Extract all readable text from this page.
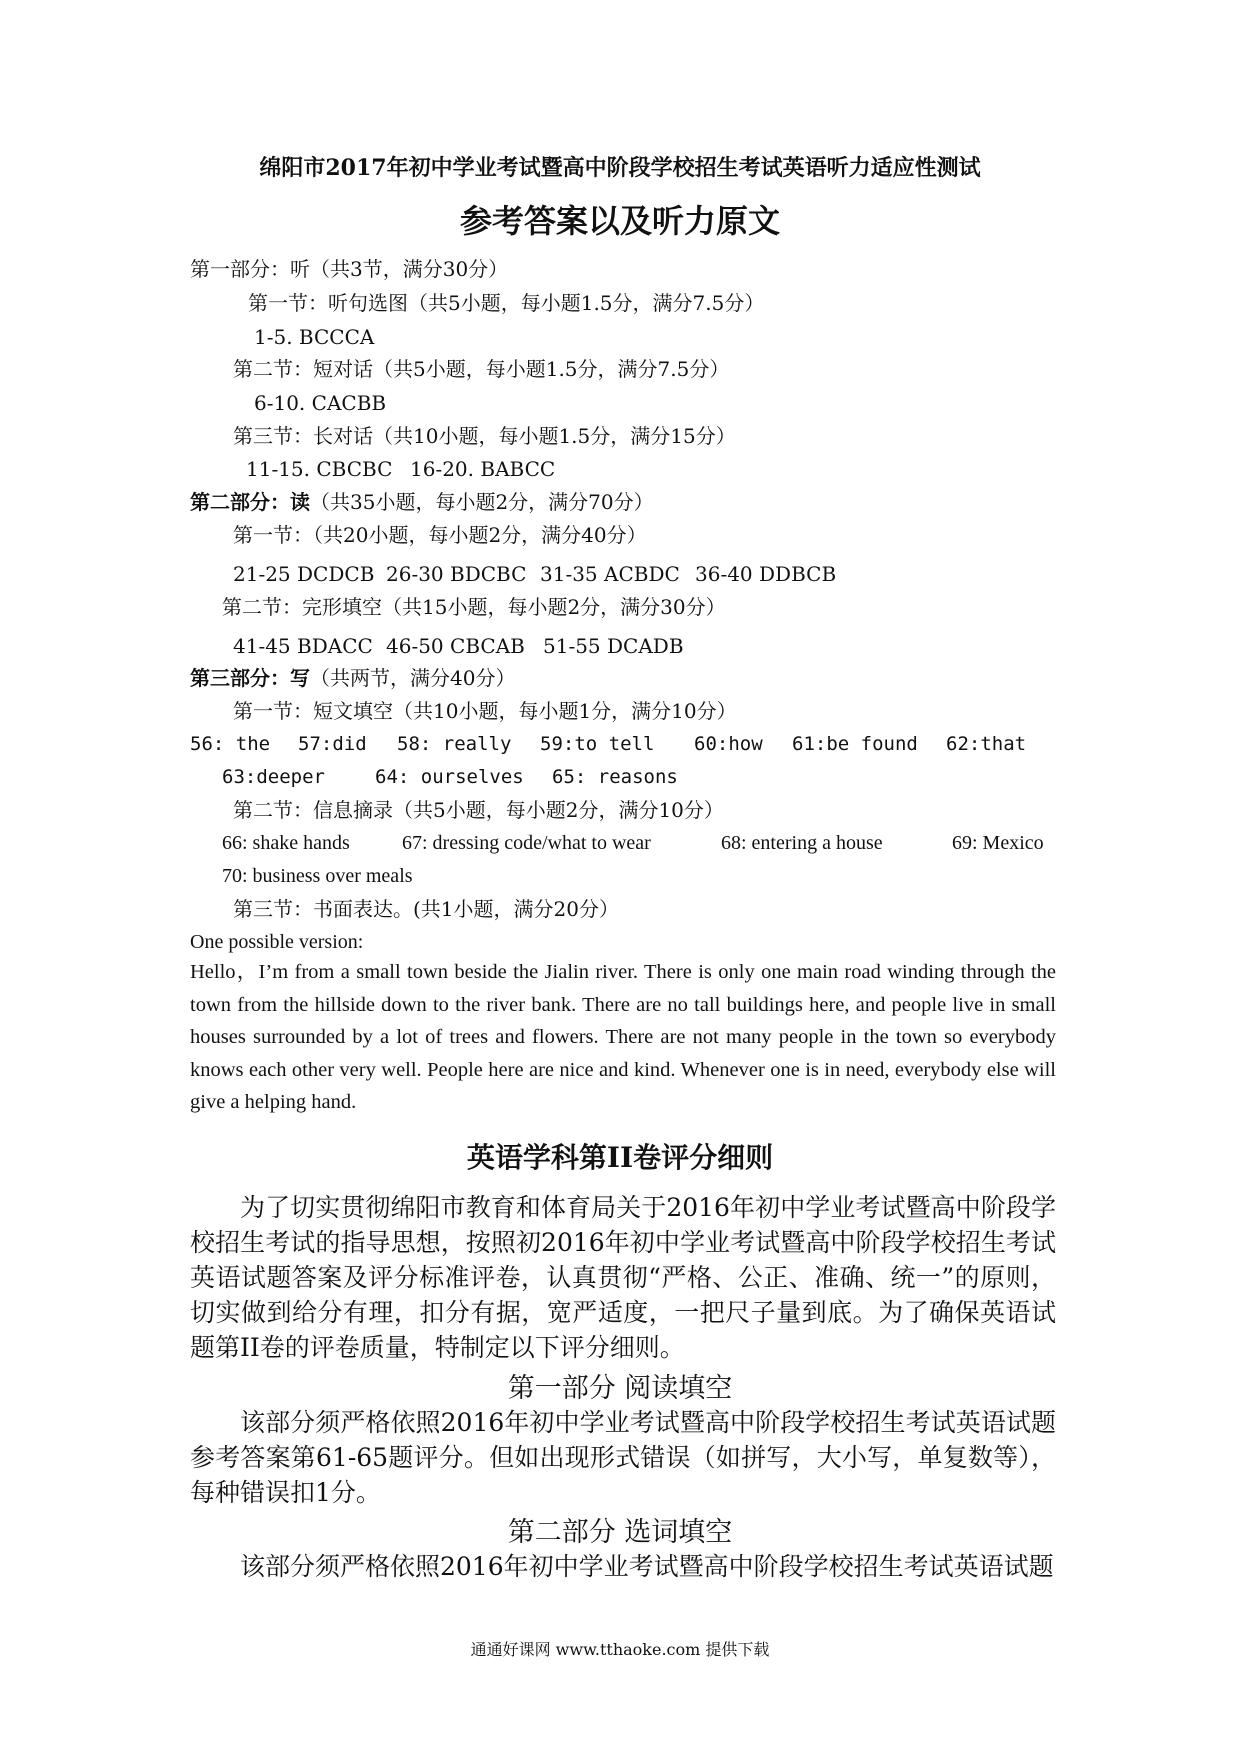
绵阳市2017年初中学业考试暨高中阶段学校招生考试英语听力适应性测试
参考答案以及听力原文
第一部分：听（共3节，满分30分）
第一节：听句选图（共5小题，每小题1.5分，满分7.5分）
1-5. BCCCA
第二节：短对话（共5小题，每小题1.5分，满分7.5分）
6-10. CACBB
第三节：长对话（共10小题，每小题1.5分，满分15分）
11-15. CBCBC 16-20. BABCC
第二部分：读（共35小题，每小题2分，满分70分）
第一节：（共20小题，每小题2分，满分40分）
21-25 DCDCB 26-30 BDCBC 31-35 ACBDC 36-40 DDBCB
第二节：完形填空（共15小题，每小题2分，满分30分）
41-45 BDACC 46-50 CBCAB 51-55 DCADB
第三部分：写（共两节，满分40分）
第一节：短文填空（共10小题，每小题1分，满分10分）
56: the 57:did 58: really 59:to tell 60:how 61:be found 62:that
63:deeper	64: ourselves 65: reasons
第二节：信息摘录（共5小题，每小题2分，满分10分）
66: shake hands	67: dressing code/what to wear	68: entering a house	69: Mexico
70: business over meals
第三节：书面表达。(共1小题，满分20分）
One possible version:
Hello，I’m from a small town beside the Jialin river. There is only one main road winding through the town from the hillside down to the river bank. There are no tall buildings here, and people live in small houses surrounded by a lot of trees and flowers. There are not many people in the town so everybody knows each other very well. People here are nice and kind. Whenever one is in need, everybody else will give a helping hand.
英语学科第II卷评分细则
为了切实贯彻绵阳市教育和体育局关于2016年初中学业考试暨高中阶段学校招生考试的指导思想，按照初2016年初中学业考试暨高中阶段学校招生考试英语试题答案及评分标准评卷，认真贯彻“严格、公正、准确、统一”的原则，切实做到给分有理，扣分有据，宽严适度，一把尺子量到底。为了确保英语试题第II卷的评卷质量，特制定以下评分细则。
第一部分 阅读填空
该部分须严格依照2016年初中学业考试暨高中阶段学校招生考试英语试题参考答案第61-65题评分。但如出现形式错误（如拼写，大小写，单复数等），每种错误扣1分。
第二部分 选词填空
该部分须严格依照2016年初中学业考试暨高中阶段学校招生考试英语试题
通通好课网 www.tthaoke.com 提供下载
